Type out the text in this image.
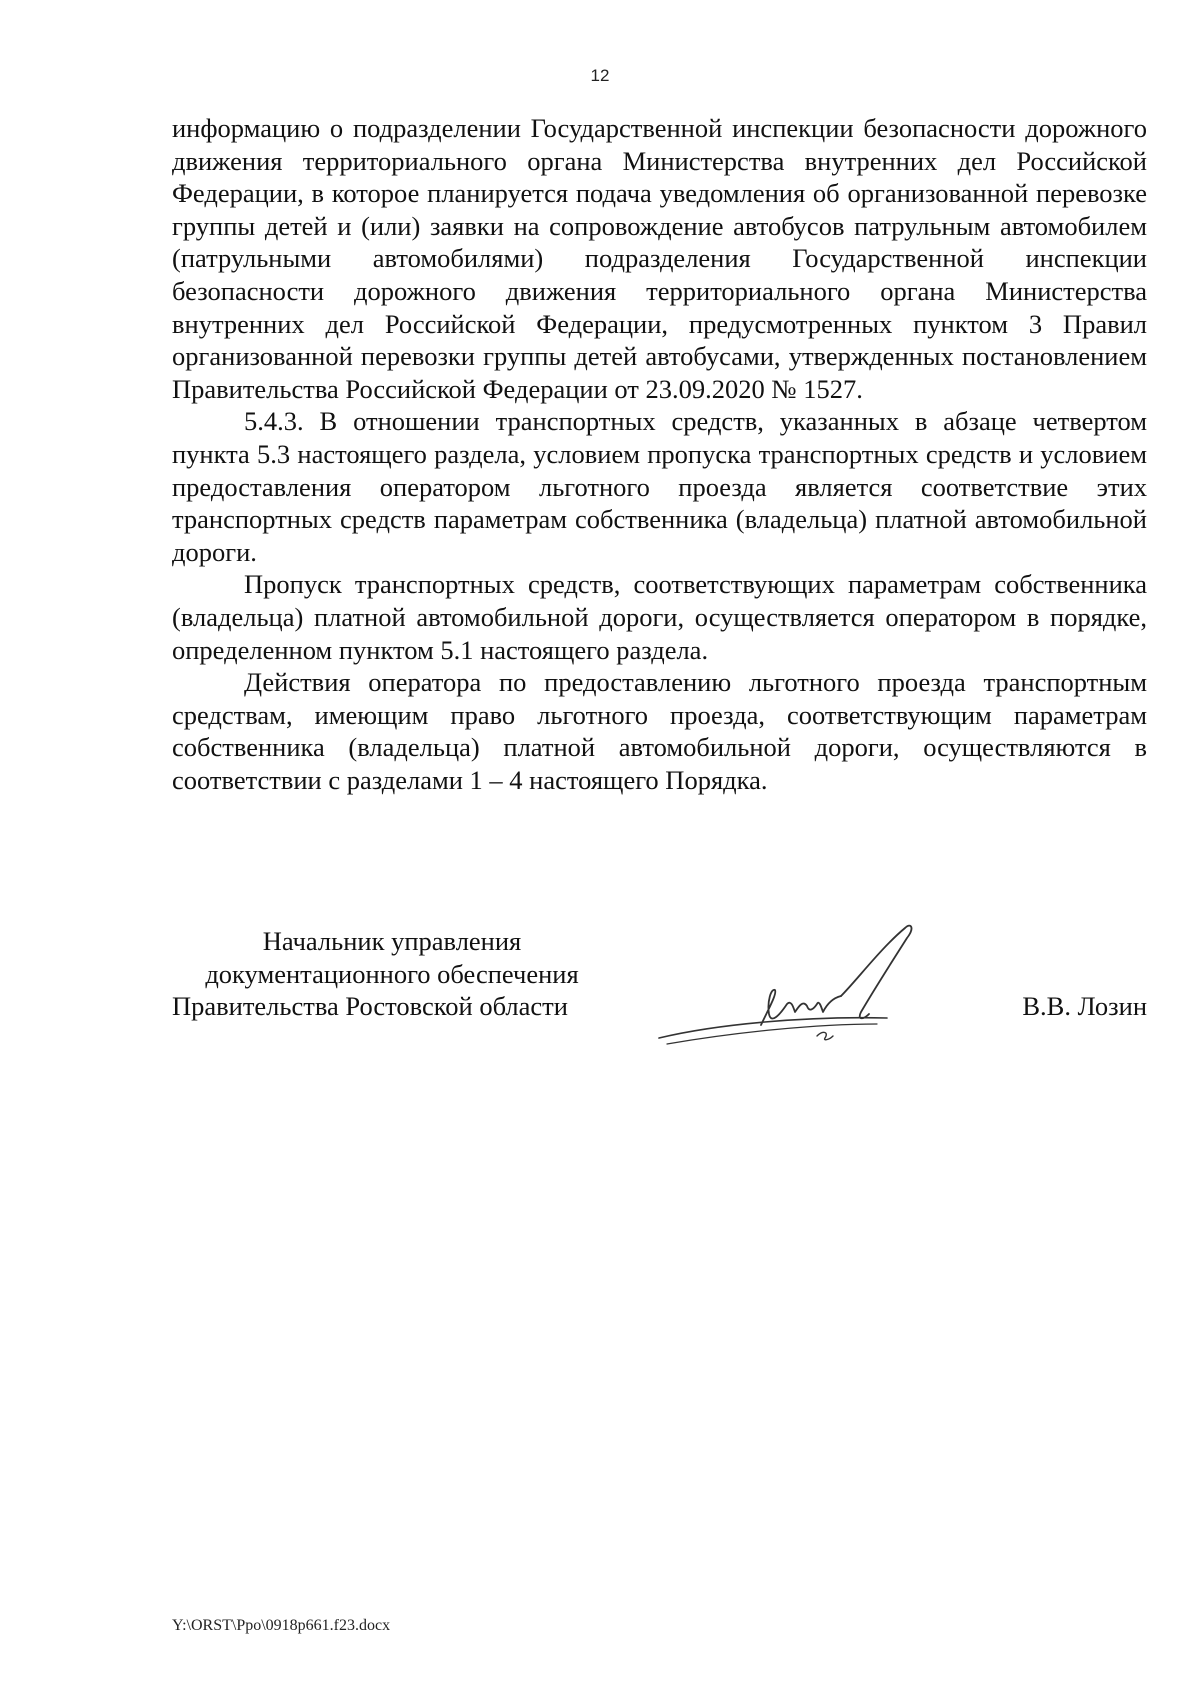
12

информацию о подразделении Государственной инспекции безопасности дорожного движения территориального органа Министерства внутренних дел Российской Федерации, в которое планируется подача уведомления об организованной перевозке группы детей и (или) заявки на сопровождение автобусов патрульным автомобилем (патрульными автомобилями) подразделения Государственной инспекции безопасности дорожного движения территориального органа Министерства внутренних дел Российской Федерации, предусмотренных пунктом 3 Правил организованной перевозки группы детей автобусами, утвержденных постановлением Правительства Российской Федерации от 23.09.2020 № 1527.

5.4.3. В отношении транспортных средств, указанных в абзаце четвертом пункта 5.3 настоящего раздела, условием пропуска транспортных средств и условием предоставления оператором льготного проезда является соответствие этих транспортных средств параметрам собственника (владельца) платной автомобильной дороги.

Пропуск транспортных средств, соответствующих параметрам собственника (владельца) платной автомобильной дороги, осуществляется оператором в порядке, определенном пунктом 5.1 настоящего раздела.

Действия оператора по предоставлению льготного проезда транспортным средствам, имеющим право льготного проезда, соответствующим параметрам собственника (владельца) платной автомобильной дороги, осуществляются в соответствии с разделами 1 – 4 настоящего Порядка.

Начальник управления
документационного обеспечения
Правительства Ростовской области	В.В. Лозин
Y:\ORST\Ppo\0918p661.f23.docx
